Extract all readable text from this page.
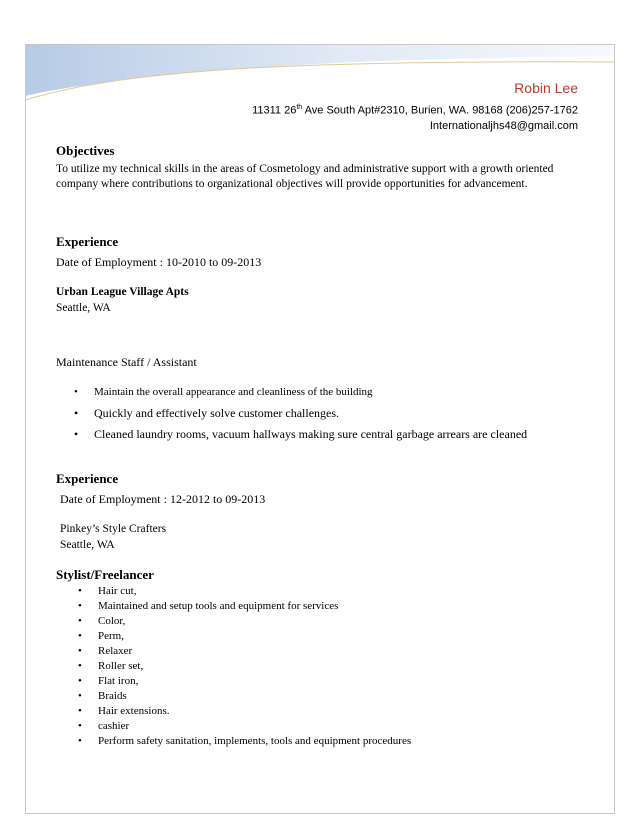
Robin Lee
11311 26th Ave South Apt#2310, Burien, WA. 98168 (206)257-1762
Internationaljhs48@gmail.com

Objectives

To utilize my technical skills in the areas of Cosmetology and administrative support with a growth oriented company where contributions to organizational objectives will provide opportunities for advancement.

Experience

Date of Employment : 10-2010 to 09-2013

Urban League Village Apts

Seattle, WA

Maintenance Staff / Assistant

• Maintain the overall appearance and cleanliness of the building
• Quickly and effectively solve customer challenges.
• Cleaned laundry rooms, vacuum hallways making sure central garbage arrears are cleaned

Experience

Date of Employment : 12-2012 to 09-2013

Pinkey’s Style Crafters

Seattle, WA

Stylist/Freelancer

• Hair cut,
• Maintained and setup tools and equipment for services
• Color,
• Perm,
• Relaxer
• Roller set,
• Flat iron,
• Braids
• Hair extensions.
• cashier
• Perform safety sanitation, implements, tools and equipment procedures
